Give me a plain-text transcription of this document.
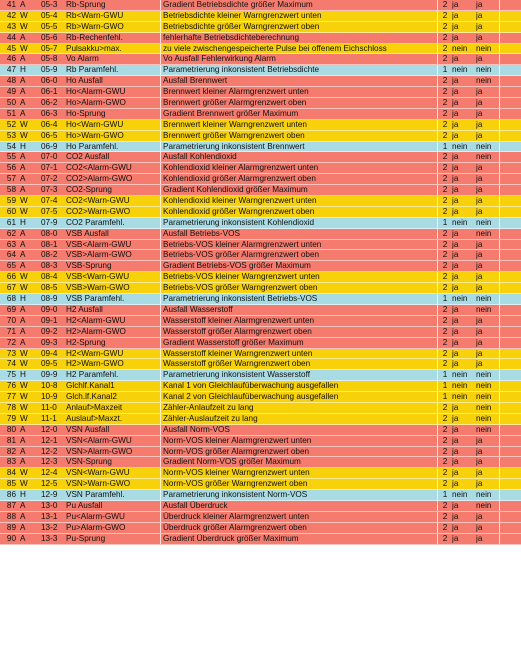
41 A	05-3	Rb-Sprung	Gradient Betriebsdichte größer Maximum	2 ja	ja
42 W	05-4	Rb<Warn-GWU	Betriebsdichte kleiner Warngrenzwert unten	2 ja	ja
43 W	05-5	Rb>Warn-GWO	Betriebsdichte größer Warngrenzwert oben	2 ja	ja
44 A	05-6	Rb-Rechenfehl.	fehlerhafte Betriebsdichteberechnung	2 ja	ja
45 W	05-7	Pulsakku>max.	zu viele zwischengespeicherte Pulse bei offenem Eichschloss	2 nein	nein
46 A	05-8	Vo Alarm	Vo Ausfall Fehlerwirkung Alarm	2 ja	ja
47 H	05-9	Rb Paramfehl.	Parametrierung inkonsistent Betriebsdichte	1 nein	nein
48 A	06-0	Ho Ausfall	Ausfall Brennwert	2 ja	nein
49 A	06-1	Ho<Alarm-GWU	Brennwert kleiner Alarmgrenzwert unten	2 ja	ja
50 A	06-2	Ho>Alarm-GWO	Brennwert größer Alarmgrenzwert oben	2 ja	ja
51 A	06-3	Ho-Sprung	Gradient Brennwert größer Maximum	2 ja	ja
52 W	06-4	Ho<Warn-GWU	Brennwert kleiner Warngrenzwert unten	2 ja	ja
53 W	06-5	Ho>Warn-GWO	Brennwert größer Warngrenzwert oben	2 ja	ja
54 H	06-9	Ho Paramfehl.	Parametrierung inkonsistent Brennwert	1 nein	nein
55 A	07-0	CO2 Ausfall	Ausfall Kohlendioxid	2 ja	nein
56 A	07-1	CO2<Alarm-GWU	Kohlendioxid kleiner Alarmgrenzwert unten	2 ja	ja
57 A	07-2	CO2>Alarm-GWO	Kohlendioxid größer Alarmgrenzwert oben	2 ja	ja
58 A	07-3	CO2-Sprung	Gradient Kohlendioxid größer Maximum	2 ja	ja
59 W	07-4	CO2<Warn-GWU	Kohlendioxid kleiner Warngrenzwert unten	2 ja	ja
60 W	07-5	CO2>Warn-GWO	Kohlendioxid größer Warngrenzwert oben	2 ja	ja
61 H	07-9	CO2 Paramfehl.	Parametrierung inkonsistent Kohlendioxid	1 nein	nein
62 A	08-0	VSB Ausfall	Ausfall Betriebs-VOS	2 ja	nein
63 A	08-1	VSB<Alarm-GWU	Betriebs-VOS kleiner Alarmgrenzwert unten	2 ja	ja
64 A	08-2	VSB>Alarm-GWO	Betriebs-VOS größer Alarmgrenzwert oben	2 ja	ja
65 A	08-3	VSB-Sprung	Gradient Betriebs-VOS größer Maximum	2 ja	ja
66 W	08-4	VSB<Warn-GWU	Betriebs-VOS kleiner Warngrenzwert unten	2 ja	ja
67 W	08-5	VSB>Warn-GWO	Betriebs-VOS größer Warngrenzwert oben	2 ja	ja
68 H	08-9	VSB Paramfehl.	Parametrierung inkonsistent Betriebs-VOS	1 nein	nein
69 A	09-0	H2 Ausfall	Ausfall Wasserstoff	2 ja	nein
70 A	09-1	H2<Alarm-GWU	Wasserstoff kleiner Alarmgrenzwert unten	2 ja	ja
71 A	09-2	H2>Alarm-GWO	Wasserstoff größer Alarmgrenzwert oben	2 ja	ja
72 A	09-3	H2-Sprung	Gradient Wasserstoff größer Maximum	2 ja	ja
73 W	09-4	H2<Warn-GWU	Wasserstoff kleiner Warngrenzwert unten	2 ja	ja
74 W	09-5	H2>Warn-GWO	Wasserstoff größer Warngrenzwert oben	2 ja	ja
75 H	09-9	H2 Paramfehl.	Parametrierung inkonsistent Wasserstoff	1 nein	nein
76 W	10-8	Glchlf.Kanal1	Kanal 1 von Gleichlaufüberwachung ausgefallen	1 nein	nein
77 W	10-9	Glch.lf.Kanal2	Kanal 2 von Gleichlaufüberwachung ausgefallen	1 nein	nein
78 W	11-0	Anlauf>Maxzeit	Zähler-Anlaufzeit zu lang	2 ja	nein
79 W	11-1	Auslauf>Maxzt.	Zähler-Auslaufzeit zu lang	2 ja	nein
80 A	12-0	VSN Ausfall	Ausfall Norm-VOS	2 ja	nein
81 A	12-1	VSN<Alarm-GWU	Norm-VOS kleiner Alarmgrenzwert unten	2 ja	ja
82 A	12-2	VSN>Alarm-GWO	Norm-VOS größer Alarmgrenzwert oben	2 ja	ja
83 A	12-3	VSN-Sprung	Gradient Norm-VOS größer Maximum	2 ja	ja
84 W	12-4	VSN<Warn-GWU	Norm-VOS kleiner Warngrenzwert unten	2 ja	ja
85 W	12-5	VSN>Warn-GWO	Norm-VOS größer Warngrenzwert oben	2 ja	ja
86 H	12-9	VSN Paramfehl.	Parametrierung inkonsistent Norm-VOS	1 nein	nein
87 A	13-0	Pu Ausfall	Ausfall Überdruck	2 ja	nein
88 A	13-1	Pu<Alarm-GWU	Überdruck kleiner Alarmgrenzwert unten	2 ja	ja
89 A	13-2	Pu>Alarm-GWO	Überdruck größer Alarmgrenzwert oben	2 ja	ja
90 A	13-3	Pu-Sprung	Gradient Überdruck größer Maximum	2 ja	ja
